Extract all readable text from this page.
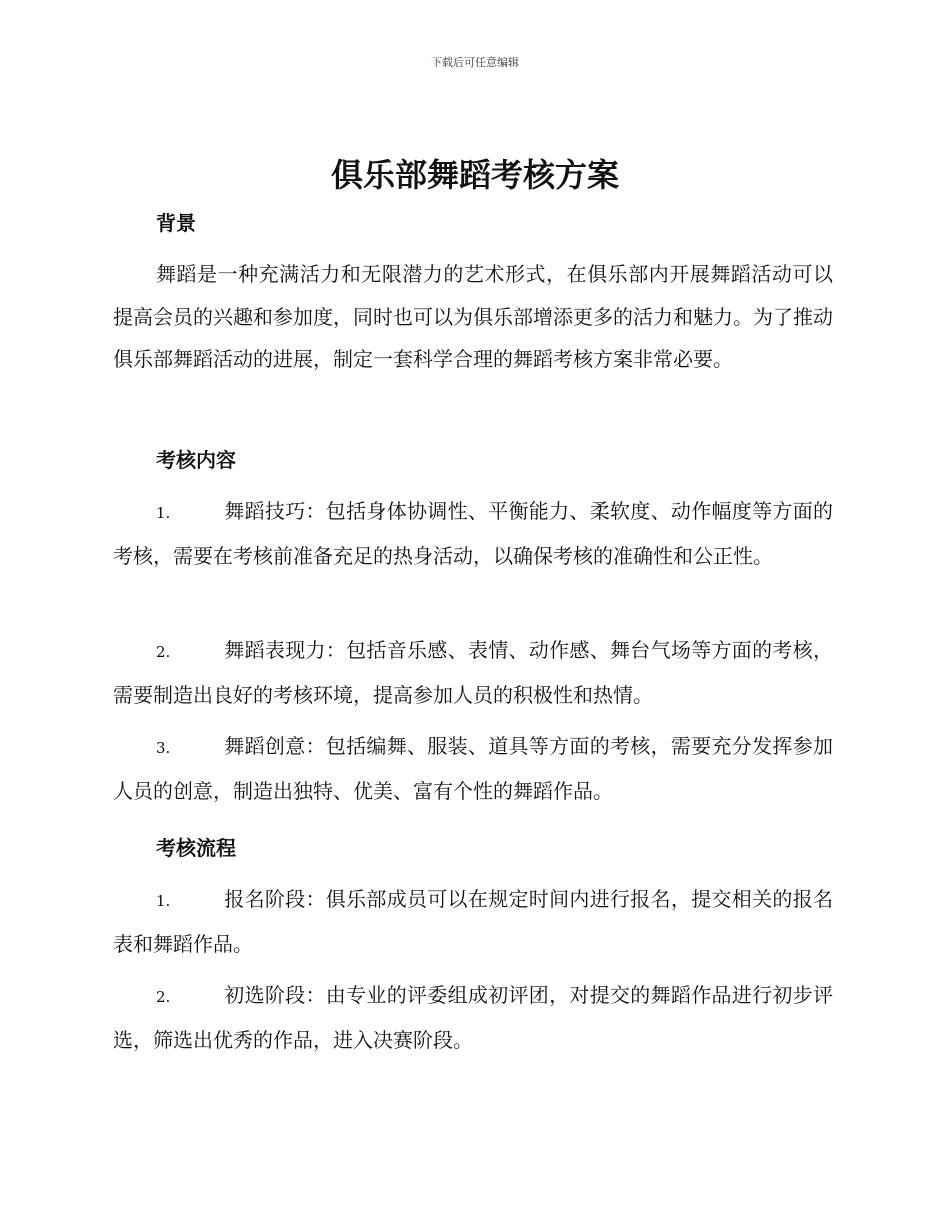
下载后可任意编辑
俱乐部舞蹈考核方案
背景

舞蹈是一种充满活力和无限潜力的艺术形式，在俱乐部内开展舞蹈活动可以提高会员的兴趣和参加度，同时也可以为俱乐部增添更多的活力和魅力。为了推动俱乐部舞蹈活动的进展，制定一套科学合理的舞蹈考核方案非常必要。

考核内容

1.	舞蹈技巧：包括身体协调性、平衡能力、柔软度、动作幅度等方面的考核，需要在考核前准备充足的热身活动，以确保考核的准确性和公正性。

2.	舞蹈表现力：包括音乐感、表情、动作感、舞台气场等方面的考核，需要制造出良好的考核环境，提高参加人员的积极性和热情。

3.	舞蹈创意：包括编舞、服装、道具等方面的考核，需要充分发挥参加人员的创意，制造出独特、优美、富有个性的舞蹈作品。

考核流程

1.	报名阶段：俱乐部成员可以在规定时间内进行报名，提交相关的报名表和舞蹈作品。

2.	初选阶段：由专业的评委组成初评团，对提交的舞蹈作品进行初步评选，筛选出优秀的作品，进入决赛阶段。
